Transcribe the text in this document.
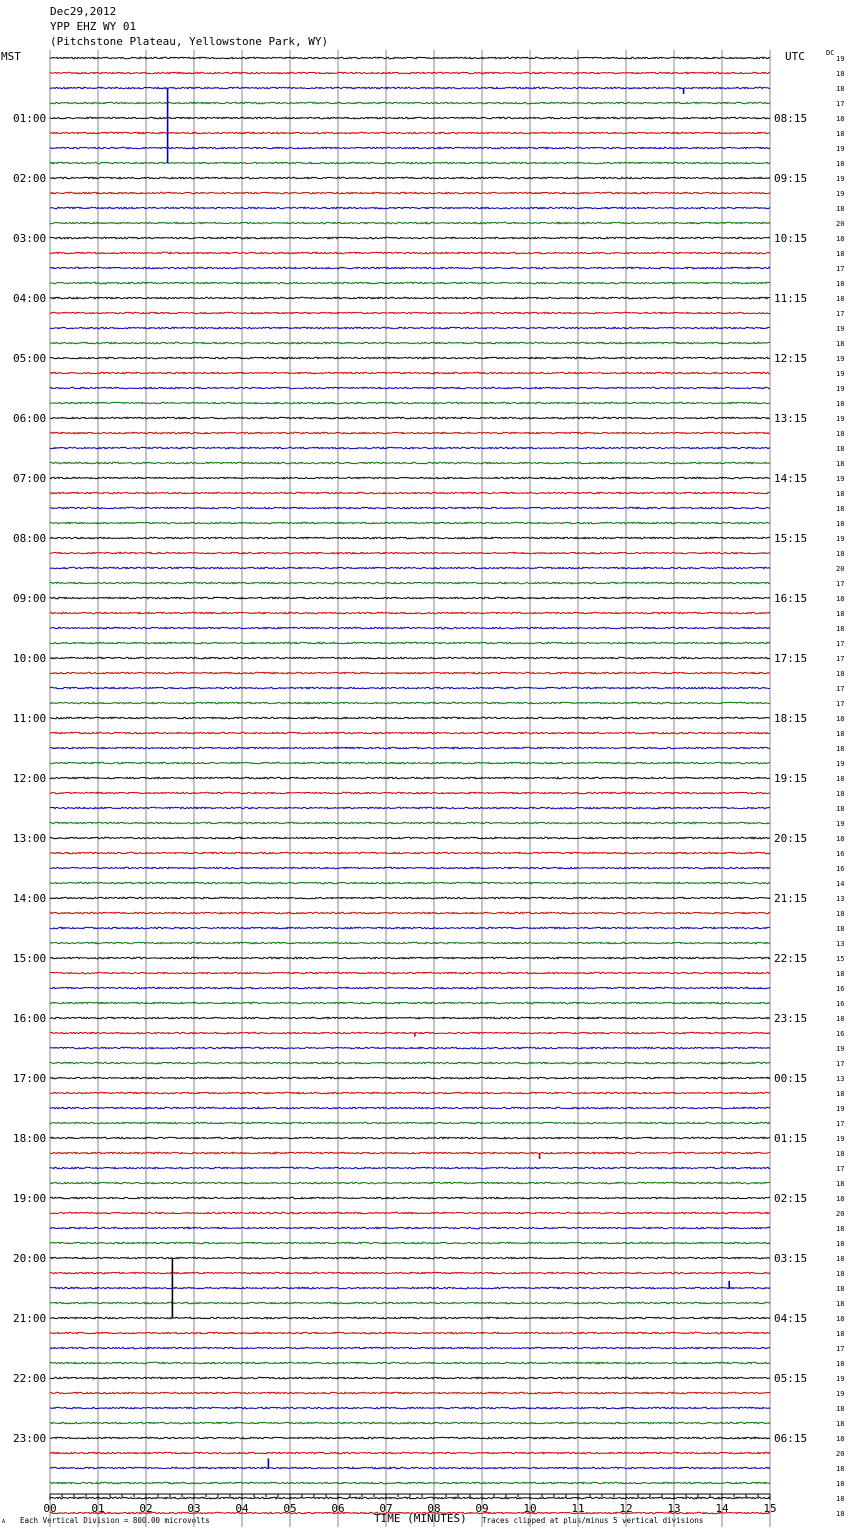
Dec29,2012
YPP EHZ WY 01
(Pitchstone Plateau, Yellowstone Park, WY)
MST	UTC	DC
TIME (MINUTES)
Each Vertical Division = 800.00 microvolts	Traces clipped at plus/minus 5 vertical divisions
A
01:00
02:00
03:00
04:00
05:00
06:00
07:00
08:00
09:00
10:00
11:00
12:00
13:00
14:00
15:00
16:00
17:00
18:00
19:00
20:00
21:00
22:00
23:00
08:15
09:15
10:15
11:15
12:15
13:15
14:15
15:15
16:15
17:15
18:15
19:15
20:15
21:15
22:15
23:15
00:15
01:15
02:15
03:15
04:15
05:15
06:15
19
18
18
17
18
18
19
18
19
19
18
20
18
18
17
18
18
17
19
18
19
19
19
18
19
18
18
18
19
18
18
18
19
18
20
17
18
18
18
17
17
18
17
17
18
18
18
19
18
18
18
19
18
16
16
14
13
18
18
13
15
18
16
16
18
16
19
17
13
18
19
17
19
18
17
18
18
20
18
18
18
18
18
18
18
18
17
18
19
19
18
18
18
20
18
18
18
18
00	01	02	03	04	05	06	07	08	09	10	11	12	13	14	15
